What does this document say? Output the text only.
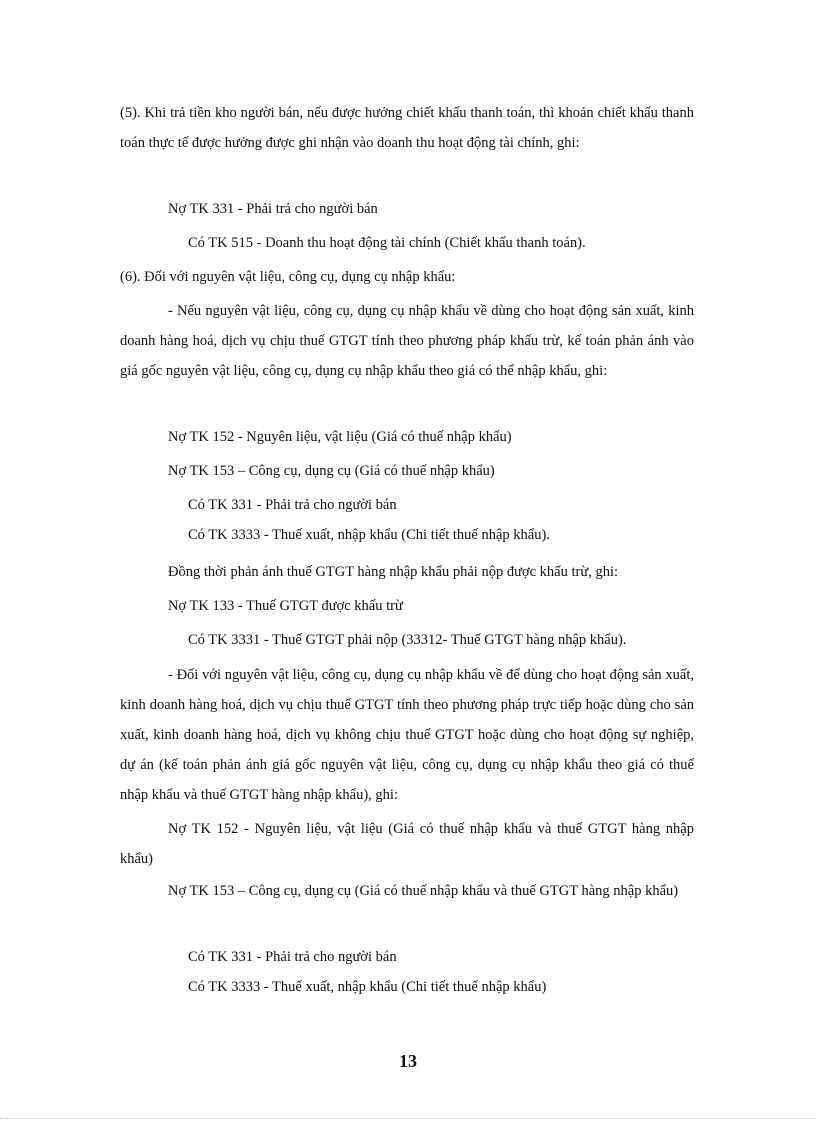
(5). Khi trả tiền kho người bán, nếu được hưởng chiết khấu thanh toán, thì khoản chiết khấu thanh toán thực tế được hưởng được ghi nhận vào doanh thu hoạt động tài chính, ghi:

Nợ TK 331 - Phải trả cho người bán

Có TK 515 - Doanh thu hoạt động tài chính (Chiết khấu thanh toán).

(6). Đối với nguyên vật liệu, công cụ, dụng cụ nhập khẩu:

- Nếu nguyên vật liệu, công cụ, dụng cụ nhập khẩu về dùng cho hoạt động sản xuất, kinh doanh hàng hoá, dịch vụ chịu thuế GTGT tính theo phương pháp khấu trừ, kế toán phản ánh vào giá gốc nguyên vật liệu, công cụ, dụng cụ nhập khẩu theo giá có thể nhập khẩu, ghi:

Nợ TK 152 - Nguyên liệu, vật liệu (Giá có thuế nhập khẩu)

Nợ TK 153 – Công cụ, dụng cụ (Giá có thuế nhập khẩu)

Có TK 331 - Phải trả cho người bán

Có TK 3333 - Thuế xuất, nhập khẩu (Chi tiết thuế nhập khẩu).

Đồng thời phản ánh thuế GTGT hàng nhập khẩu phải nộp được khấu trừ, ghi:

Nợ TK 133 - Thuế GTGT được khấu trừ

Có TK 3331 - Thuế GTGT phải nộp (33312- Thuế GTGT hàng nhập khẩu).

- Đối với nguyên vật liệu, công cụ, dụng cụ nhập khẩu về để dùng cho hoạt động sản xuất, kinh doanh hàng hoá, dịch vụ chịu thuế GTGT tính theo phương pháp trực tiếp hoặc dùng cho sản xuất, kinh doanh hàng hoá, dịch vụ không chịu thuế GTGT hoặc dùng cho hoạt động sự nghiệp, dự án (kế toán phản ánh giá gốc nguyên vật liệu, công cụ, dụng cụ nhập khẩu theo giá có thuế nhập khẩu và thuế GTGT hàng nhập khẩu), ghi:

Nợ TK 152 - Nguyên liệu, vật liệu (Giá có thuế nhập khẩu và thuế GTGT hàng nhập khẩu)

Nợ TK 153 – Công cụ, dụng cụ (Giá có thuế nhập khẩu và thuế GTGT hàng nhập khẩu)

Có TK 331 - Phải trả cho người bán

Có TK 3333 - Thuế xuất, nhập khẩu (Chi tiết thuế nhập khẩu)

13
